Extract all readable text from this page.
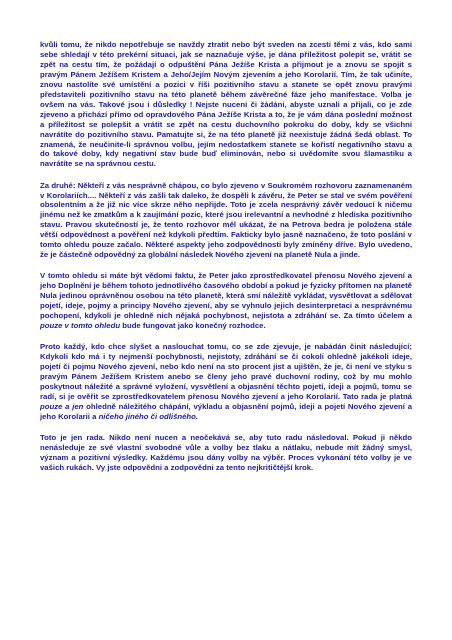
kvůli tomu, že nikdo nepotřebuje se navždy ztratit nebo být sveden na zcesti těmi z vás, kdo sami sebe shledají v této prekérní situaci, jak se naznačuje výše, je dána příležitost polepit se, vrátit se zpět na cestu tím, že požádají o odpuštění Pána Ježíše Krista a přijmout je a znovu se spojit s pravým Pánem Ježíšem Kristem a Jeho/Jejím Novým zjevením a jeho Korolarií. Tím, že tak učiníte, znovu nastolíte své umístění a pozici v říši pozitivního stavu a stanete se opět znovu pravými představiteli pozitivního stavu na této planetě během závěrečné fáze jeho manifestace. Volba je ovšem na vás. Takové jsou i důsledky ! Nejste nuceni či žádáni, abyste uznali a přijali, co je zde zjeveno a přichází přímo od opravdového Pána Ježíše Krista a to, že je vám dána poslední možnost a příležitost se polepšit a vrátit se zpět na cestu duchovního pokroku do doby, kdy se všichni navrátíte do pozitivního stavu. Pamatujte si, že na této planetě již neexistuje žádná šedá oblast. To znamená, že neučinite-li správnou volbu, jejím nedostatkem stanete se kořistí negativního stavu a do takové doby, kdy negativní stav bude buď eliminován, nebo si uvědomíte svou šlamastiku a navrátíte se na správnou cestu.

Za druhé: Někteří z vás nesprávně chápou, co bylo zjeveno v Soukromém rozhovoru zaznamenaném v Korolariích.... Někteří z vás zašli tak daleko, že dospěli k závěru, že Peter se stal ve svém pověření obsolentním a že již nic více skrze něho nepřijde. Toto je zcela nesprávný závěr vedoucí k ničemu jinému než ke zmatkům a k zaujímání pozic, které jsou irelevantní a nevhodné z hlediska pozitivního stavu. Pravou skutečností je, že tento rozhovor měl ukázat, že na Petrova bedra je položena stále větší odpovědnost a pověření než kdykoli předtím. Fakticky bylo jasně naznačeno, že toto poslání v tomto ohledu pouze začalo. Některé aspekty jeho zodpovědnosti byly zmíněny dříve. Bylo uvedeno, že je částečně odpovědný za globální následek Nového zjevení na planetě Nula a jinde.

V tomto ohledu si máte být vědomi faktu, že Peter jako zprostředkovatel přenosu Nového zjevení a jeho Doplnění je během tohoto jednotlivého časového období a pokud je fyzicky přítomen na planetě Nula jedinou oprávněnou osobou na této planetě, která smí náležitě vykládat, vysvětlovat a sdělovat pojetí, ideje, pojmy a principy Nového zjevení, aby se vyhnulo jejich desinterpretaci a nesprávnému pochopení, kdykoli je ohledně nich nějaká pochybnost, nejistota a zdráhání se. Za tímto účelem a pouze v tomto ohledu bude fungovat jako konečný rozhodce.

Proto každý, kdo chce slyšet a naslouchat tomu, co se zde zjevuje, je nabádán činit následující; Kdykoli kdo má i ty nejmenší pochybnosti, nejistoty, zdráhání se či cokoli ohledně jakékoli ideje, pojetí či pojmu Nového zjevení, nebo kdo není na sto procent jist a ujištěn, že je, či není ve styku s pravým Pánem Ježíšem Kristem anebo se členy jeho pravé duchovní rodiny, což by mu mohlo poskytnout náležité a správné vyložení, vysvětlení a objasnění těchto pojetí, ideji a pojmů, tomu se radí, si je ověřit se zprostředkovatelem přenosu Nového zjevení a jeho Korolarií. Tato rada je platná pouze a jen ohledně náležitého chápání, výkladu a objasnění pojmů, ideji a pojetí Nového zjevení a jeho Korolarii a ničeho jiného či odlišného.

Toto je jen rada. Nikdo není nucen a neočekává se, aby tuto radu následoval. Pokud ji někdo nenásleduje ze své vlastní svobodné vůle a volby bez tlaku a nátlaku, nebude mít žádný smysl, význam a pozitivní výsledky. Každému jsou dány volby na výběr. Proces vykonání této volby je ve vašich rukách. Vy jste odpovědni a zodpovědni za tento nejkritičtější krok.
